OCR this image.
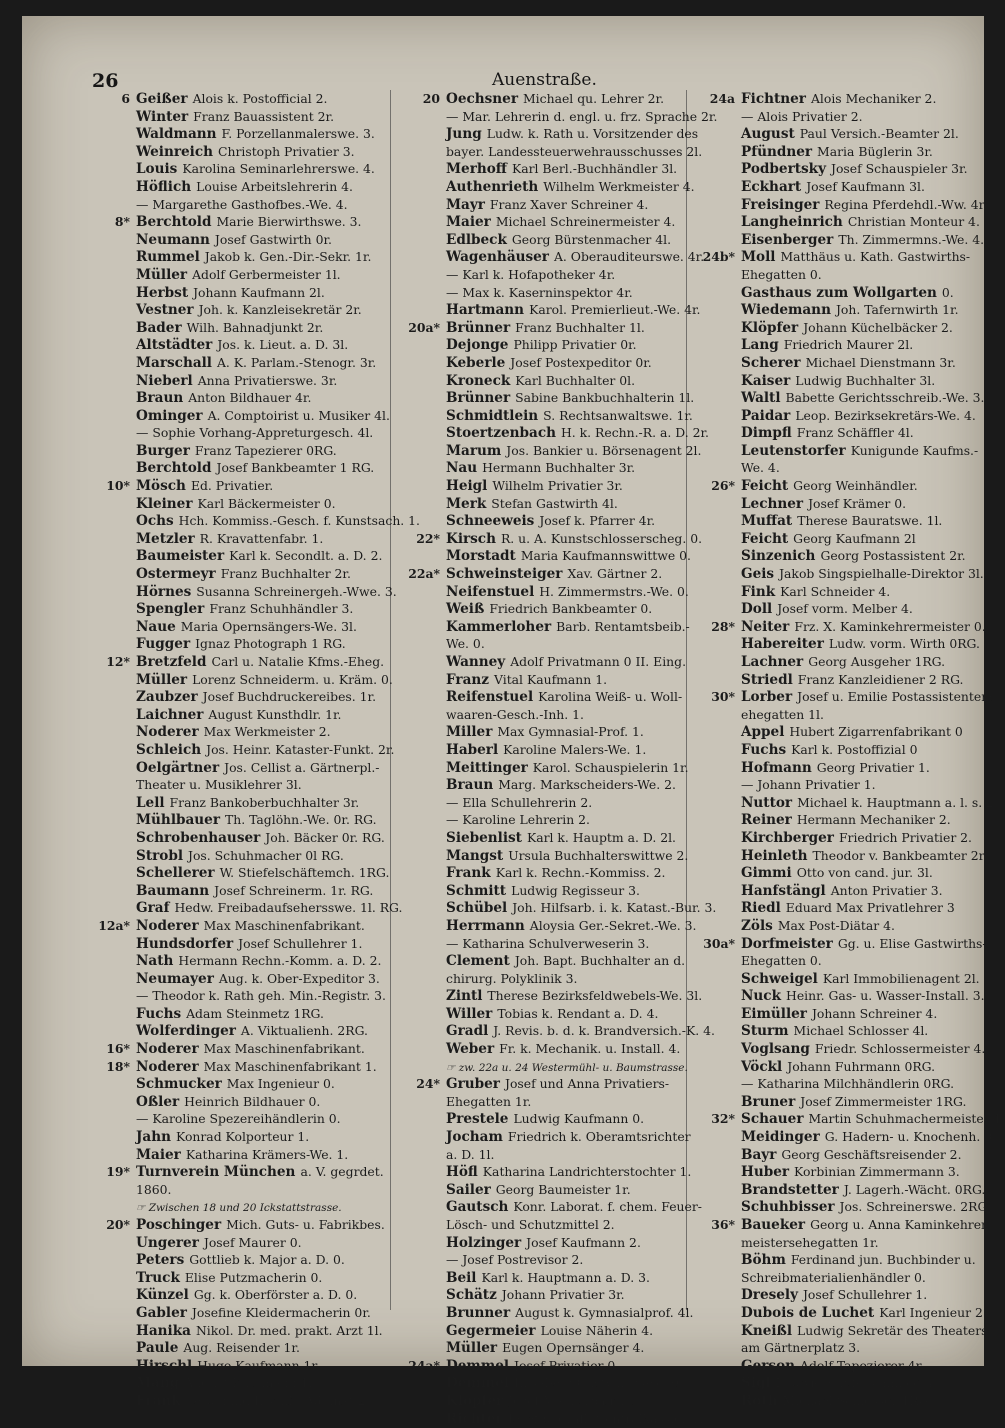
26	Auenstraße.
6 Geißer Alois k. Postofficial 2.
Winter Franz Bauassistent 2r.
Waldmann F. Porzellanmalerswe. 3.
Weinreich Christoph Privatier 3.
Louis Karolina Seminarlehrerswe. 4.
Höflich Louise Arbeitslehrerin 4.
— Margarethe Gasthofbes.-We. 4.
8* Berchtold Marie Bierwirthswe. 3.
Neumann Josef Gastwirth 0r.
Rummel Jakob k. Gen.-Dir.-Sekr. 1r.
Müller Adolf Gerbermeister 1l.
Herbst Johann Kaufmann 2l.
Vestner Joh. k. Kanzleisekretär 2r.
Bader Wilh. Bahnadjunkt 2r.
Altstädter Jos. k. Lieut. a. D. 3l.
Marschall A. K. Parlam.-Stenogr. 3r.
Nieberl Anna Privatierswe. 3r.
Braun Anton Bildhauer 4r.
Ominger A. Comptoirist u. Musiker 4l.
— Sophie Vorhang-Appreturgesch. 4l.
Burger Franz Tapezierer 0RG.
Berchtold Josef Bankbeamter 1 RG.
10* Mösch Ed. Privatier.
Kleiner Karl Bäckermeister 0.
Ochs Hch. Kommiss.-Gesch. f. Kunstsach. 1.
Metzler R. Kravattenfabr. 1.
Baumeister Karl k. Secondlt. a. D. 2.
Ostermeyr Franz Buchhalter 2r.
Hörnes Susanna Schreinergeh.-Wwe. 3.
Spengler Franz Schuhhändler 3.
Naue Maria Opernsängers-We. 3l.
Fugger Ignaz Photograph 1 RG.
12* Bretzfeld Carl u. Natalie Kfms.-Eheg.
Müller Lorenz Schneiderm. u. Kräm. 0.
Zaubzer Josef Buchdruckereibes. 1r.
Laichner August Kunsthdlr. 1r.
Noderer Max Werkmeister 2.
Schleich Jos. Heinr. Kataster-Funkt. 2r.
Oelgärtner Jos. Cellist a. Gärtnerpl.-
Theater u. Musiklehrer 3l.
Lell Franz Bankoberbuchhalter 3r.
Mühlbauer Th. Taglöhn.-We. 0r. RG.
Schrobenhauser Joh. Bäcker 0r. RG.
Strobl Jos. Schuhmacher 0l RG.
Schellerer W. Stiefelschäftemch. 1RG.
Baumann Josef Schreinerm. 1r. RG.
Graf Hedw. Freibadaufsehersswe. 1l. RG.
12a* Noderer Max Maschinenfabrikant.
Hundsdorfer Josef Schullehrer 1.
Nath Hermann Rechn.-Komm. a. D. 2.
Neumayer Aug. k. Ober-Expeditor 3.
— Theodor k. Rath geh. Min.-Registr. 3.
Fuchs Adam Steinmetz 1RG.
Wolferdinger A. Viktualienh. 2RG.
16* Noderer Max Maschinenfabrikant.
18* Noderer Max Maschinenfabrikant 1.
Schmucker Max Ingenieur 0.
Oßler Heinrich Bildhauer 0.
— Karoline Spezereihändlerin 0.
Jahn Konrad Kolporteur 1.
Maier Katharina Krämers-We. 1.
19* Turnverein München a. V. gegrdet.
1860.
☞ Zwischen 18 und 20 Ickstattstrasse.
20* Poschinger Mich. Guts- u. Fabrikbes.
Ungerer Josef Maurer 0.
Peters Gottlieb k. Major a. D. 0.
Truck Elise Putzmacherin 0.
Künzel Gg. k. Oberförster a. D. 0.
Gabler Josefine Kleidermacherin 0r.
Hanika Nikol. Dr. med. prakt. Arzt 1l.
Paule Aug. Reisender 1r.
Hirschl Hugo Kaufmann 1r.
Mang August Kaufmann 1r.
Frank Ferdinand Eisenb.-Adjunkt 2r.
20 Oechsner Michael qu. Lehrer 2r.
— Mar. Lehrerin d. engl. u. frz. Sprache 2r.
Jung Ludw. k. Rath u. Vorsitzender des
bayer. Landessteuerwehrausschusses 2l.
Merhoff Karl Berl.-Buchhändler 3l.
Authenrieth Wilhelm Werkmeister 4.
Mayr Franz Xaver Schreiner 4.
Maier Michael Schreinermeister 4.
Edlbeck Georg Bürstenmacher 4l.
Wagenhäuser A. Oberauditeurswe. 4r.
— Karl k. Hofapotheker 4r.
— Max k. Kaserninspektor 4r.
Hartmann Karol. Premierlieut.-We. 4r.
20a* Brünner Franz Buchhalter 1l.
Dejonge Philipp Privatier 0r.
Keberle Josef Postexpeditor 0r.
Kroneck Karl Buchhalter 0l.
Brünner Sabine Bankbuchhalterin 1l.
Schmidtlein S. Rechtsanwaltswe. 1r.
Stoertzenbach H. k. Rechn.-R. a. D. 2r.
Marum Jos. Bankier u. Börsenagent 2l.
Nau Hermann Buchhalter 3r.
Heigl Wilhelm Privatier 3r.
Merk Stefan Gastwirth 4l.
Schneeweis Josef k. Pfarrer 4r.
22* Kirsch R. u. A. Kunstschlosserscheg. 0.
Morstadt Maria Kaufmannswittwe 0.
22a* Schweinsteiger Xav. Gärtner 2.
Neifenstuel H. Zimmermstrs.-We. 0.
Weiß Friedrich Bankbeamter 0.
Kammerloher Barb. Rentamtsbeib.-
We. 0.
Wanney Adolf Privatmann 0 II. Eing.
Franz Vital Kaufmann 1.
Reifenstuel Karolina Weiß- u. Woll-
waaren-Gesch.-Inh. 1.
Miller Max Gymnasial-Prof. 1.
Haberl Karoline Malers-We. 1.
Meittinger Karol. Schauspielerin 1r.
Braun Marg. Markscheiders-We. 2.
— Ella Schullehrerin 2.
— Karoline Lehrerin 2.
Siebenlist Karl k. Hauptm a. D. 2l.
Mangst Ursula Buchhalterswittwe 2.
Frank Karl k. Rechn.-Kommiss. 2.
Schmitt Ludwig Regisseur 3.
Schübel Joh. Hilfsarb. i. k. Katast.-Bur. 3.
Herrmann Aloysia Ger.-Sekret.-We. 3.
— Katharina Schulverweserin 3.
Clement Joh. Bapt. Buchhalter an d.
chirurg. Polyklinik 3.
Zintl Therese Bezirksfeldwebels-We. 3l.
Willer Tobias k. Rendant a. D. 4.
Gradl J. Revis. b. d. k. Brandversich.-K. 4.
Weber Fr. k. Mechanik. u. Install. 4.
☞ zw. 22a u. 24 Westermühl- u. Baumstrasse.
24* Gruber Josef und Anna Privatiers-
Ehegatten 1r.
Prestele Ludwig Kaufmann 0.
Jocham Friedrich k. Oberamtsrichter
a. D. 1l.
Höfl Katharina Landrichterstochter 1.
Sailer Georg Baumeister 1r.
Gautsch Konr. Laborat. f. chem. Feuer-
Lösch- und Schutzmittel 2.
Holzinger Josef Kaufmann 2.
— Josef Postrevisor 2.
Beil Karl k. Hauptmann a. D. 3.
Schätz Johann Privatier 3r.
Brunner August k. Gymnasialprof. 4l.
Gegermeier Louise Näherin 4.
Müller Eugen Opernsänger 4.
24a* Demmel Josef Privatier 0.
Demmel Elisabeth Gastwirthswe. 0.
Klopfer Josef Maurerpalier 0.
Richter Josef p. gräfl. Centralkassier 1l.
24a Fichtner Alois Mechaniker 2.
— Alois Privatier 2.
August Paul Versich.-Beamter 2l.
Pfündner Maria Büglerin 3r.
Podbertsky Josef Schauspieler 3r.
Eckhart Josef Kaufmann 3l.
Freisinger Regina Pferdehdl.-Ww. 4r.
Langheinrich Christian Monteur 4.
Eisenberger Th. Zimmermns.-We. 4.
24b* Moll Matthäus u. Kath. Gastwirths-
Ehegatten 0.
Gasthaus zum Wollgarten 0.
Wiedemann Joh. Tafernwirth 1r.
Klöpfer Johann Küchelbäcker 2.
Lang Friedrich Maurer 2l.
Scherer Michael Dienstmann 3r.
Kaiser Ludwig Buchhalter 3l.
Waltl Babette Gerichtsschreib.-We. 3.
Paidar Leop. Bezirksekretärs-We. 4.
Dimpfl Franz Schäffler 4l.
Leutenstorfer Kunigunde Kaufms.-
We. 4.
26* Feicht Georg Weinhändler.
Lechner Josef Krämer 0.
Muffat Therese Bauratswe. 1l.
Feicht Georg Kaufmann 2l
Sinzenich Georg Postassistent 2r.
Geis Jakob Singspielhalle-Direktor 3l.
Fink Karl Schneider 4.
Doll Josef vorm. Melber 4.
28* Neiter Frz. X. Kaminkehrermeister 0.
Habereiter Ludw. vorm. Wirth 0RG.
Lachner Georg Ausgeher 1RG.
Striedl Franz Kanzleidiener 2 RG.
30* Lorber Josef u. Emilie Postassistentens-
ehegatten 1l.
Appel Hubert Zigarrenfabrikant 0
Fuchs Karl k. Postoffizial 0
Hofmann Georg Privatier 1.
— Johann Privatier 1.
Nuttor Michael k. Hauptmann a. l. s. 2r.
Reiner Hermann Mechaniker 2.
Kirchberger Friedrich Privatier 2.
Heinleth Theodor v. Bankbeamter 2r.
Gimmi Otto von cand. jur. 3l.
Hanfstängl Anton Privatier 3.
Riedl Eduard Max Privatlehrer 3
Zöls Max Post-Diätar 4.
30a* Dorfmeister Gg. u. Elise Gastwirths-
Ehegatten 0.
Schweigel Karl Immobilienagent 2l.
Nuck Heinr. Gas- u. Wasser-Install. 3.
Eimüller Johann Schreiner 4.
Sturm Michael Schlosser 4l.
Voglsang Friedr. Schlossermeister 4.
Vöckl Johann Fuhrmann 0RG.
— Katharina Milchhändlerin 0RG.
Bruner Josef Zimmermeister 1RG.
32* Schauer Martin Schuhmachermeister 1.
Meidinger G. Hadern- u. Knochenh. 0.
Bayr Georg Geschäftsreisender 2.
Huber Korbinian Zimmermann 3.
Brandstetter J. Lagerh.-Wächt. 0RG.
Schuhbisser Jos. Schreinerswe. 2RG.
36* Baueker Georg u. Anna Kaminkehrer-
meistersehegatten 1r.
Böhm Ferdinand jun. Buchbinder u.
Schreibmaterialienhändler 0.
Dresely Josef Schullehrer 1.
Dubois de Luchet Karl Ingenieur 2.
Kneißl Ludwig Sekretär des Theaters
am Gärtnerplatz 3.
Gerson Adolf Tapezierer 4r.
Sigl Ludwig Kupferschmied 4.
Roth Michael Schlosser 1RG.
